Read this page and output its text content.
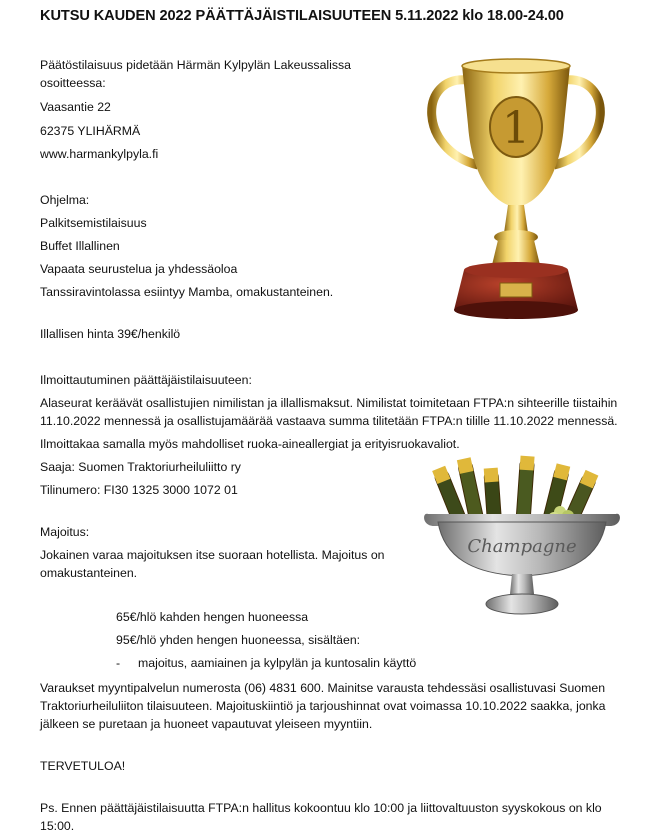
KUTSU KAUDEN 2022 PÄÄTTÄJÄISTILAISUUTEEN 5.11.2022 klo 18.00-24.00
Päätöstilaisuus pidetään Härmän Kylpylän Lakeussalissa
osoitteessa:
Vaasantie 22
62375 YLIHÄRMÄ
www.harmankylpyla.fi
Ohjelma:
Palkitsemistilaisuus
Buffet Illallinen
Vapaata seurustelua ja yhdessäoloa
Tanssiravintolassa esiintyy Mamba, omakustanteinen.
Illallisen hinta 39€/henkilö
Ilmoittautuminen päättäjäistilaisuuteen:
Alaseurat keräävät osallistujien nimilistan ja illallismaksut. Nimilistat toimitetaan FTPA:n sihteerille tiistaihin
11.10.2022 mennessä ja osallistujamäärää vastaava summa tilitetään FTPA:n tilille 11.10.2022 mennessä.
Ilmoittakaa samalla myös mahdolliset ruoka-aineallergiat ja erityisruokavaliot.
Saaja: Suomen Traktoriurheiluliitto ry
Tilinumero: FI30 1325 3000 1072 01
Majoitus:
Jokainen varaa majoituksen itse suoraan hotellista. Majoitus on
omakustanteinen.
65€/hlö kahden hengen huoneessa
95€/hlö yhden hengen huoneessa, sisältäen:
- majoitus, aamiainen ja kylpylän ja kuntosalin käyttö
Varaukset myyntipalvelun numerosta (06) 4831 600. Mainitse varausta tehdessäsi osallistuvasi Suomen
Traktoriurheiluliiton tilaisuuteen. Majoituskiintiö ja tarjoushinnat ovat voimassa 10.10.2022 saakka, jonka
jälkeen se puretaan ja huoneet vapautuvat yleiseen myyntiin.
TERVETULOA!
Ps. Ennen päättäjäistilaisuutta FTPA:n hallitus kokoontuu klo 10:00 ja liittovaltuuston syyskokous on klo
15:00.
1
Champagne
